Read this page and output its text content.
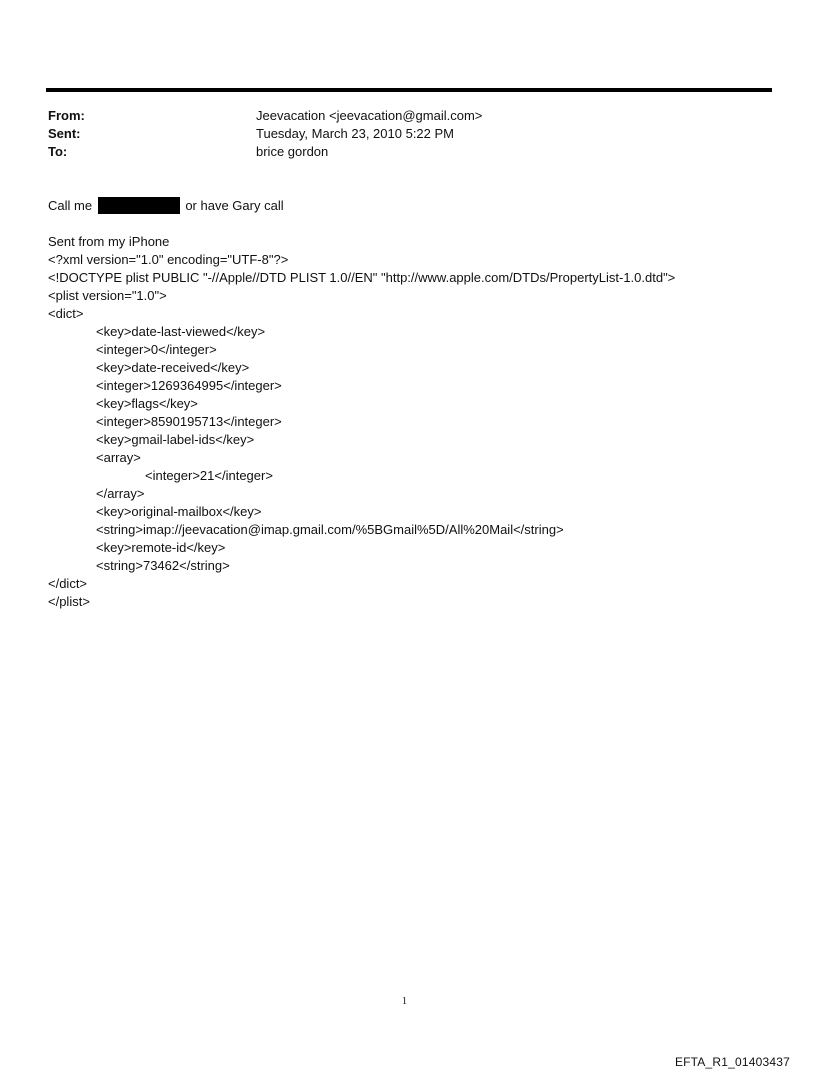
From:	Jeevacation <jeevacation@gmail.com>
Sent:	Tuesday, March 23, 2010 5:22 PM
To:	brice gordon
Call me	or have Gary call
Sent from my iPhone
<?xml version="1.0" encoding="UTF-8"?>
<!DOCTYPE plist PUBLIC "-//Apple//DTD PLIST 1.0//EN" "http://www.apple.com/DTDs/PropertyList-1.0.dtd">
<plist version="1.0">
<dict>
<key>date-last-viewed</key>
<integer>0</integer>
<key>date-received</key>
<integer>1269364995</integer>
<key>flags</key>
<integer>8590195713</integer>
<key>gmail-label-ids</key>
<array>
<integer>21</integer>
</array>
<key>original-mailbox</key>
<string>imap://jeevacation@imap.gmail.com/%5BGmail%5D/All%20Mail</string>
<key>remote-id</key>
<string>73462</string>
</dict>
</plist>
1
EFTA_R1_01403437
